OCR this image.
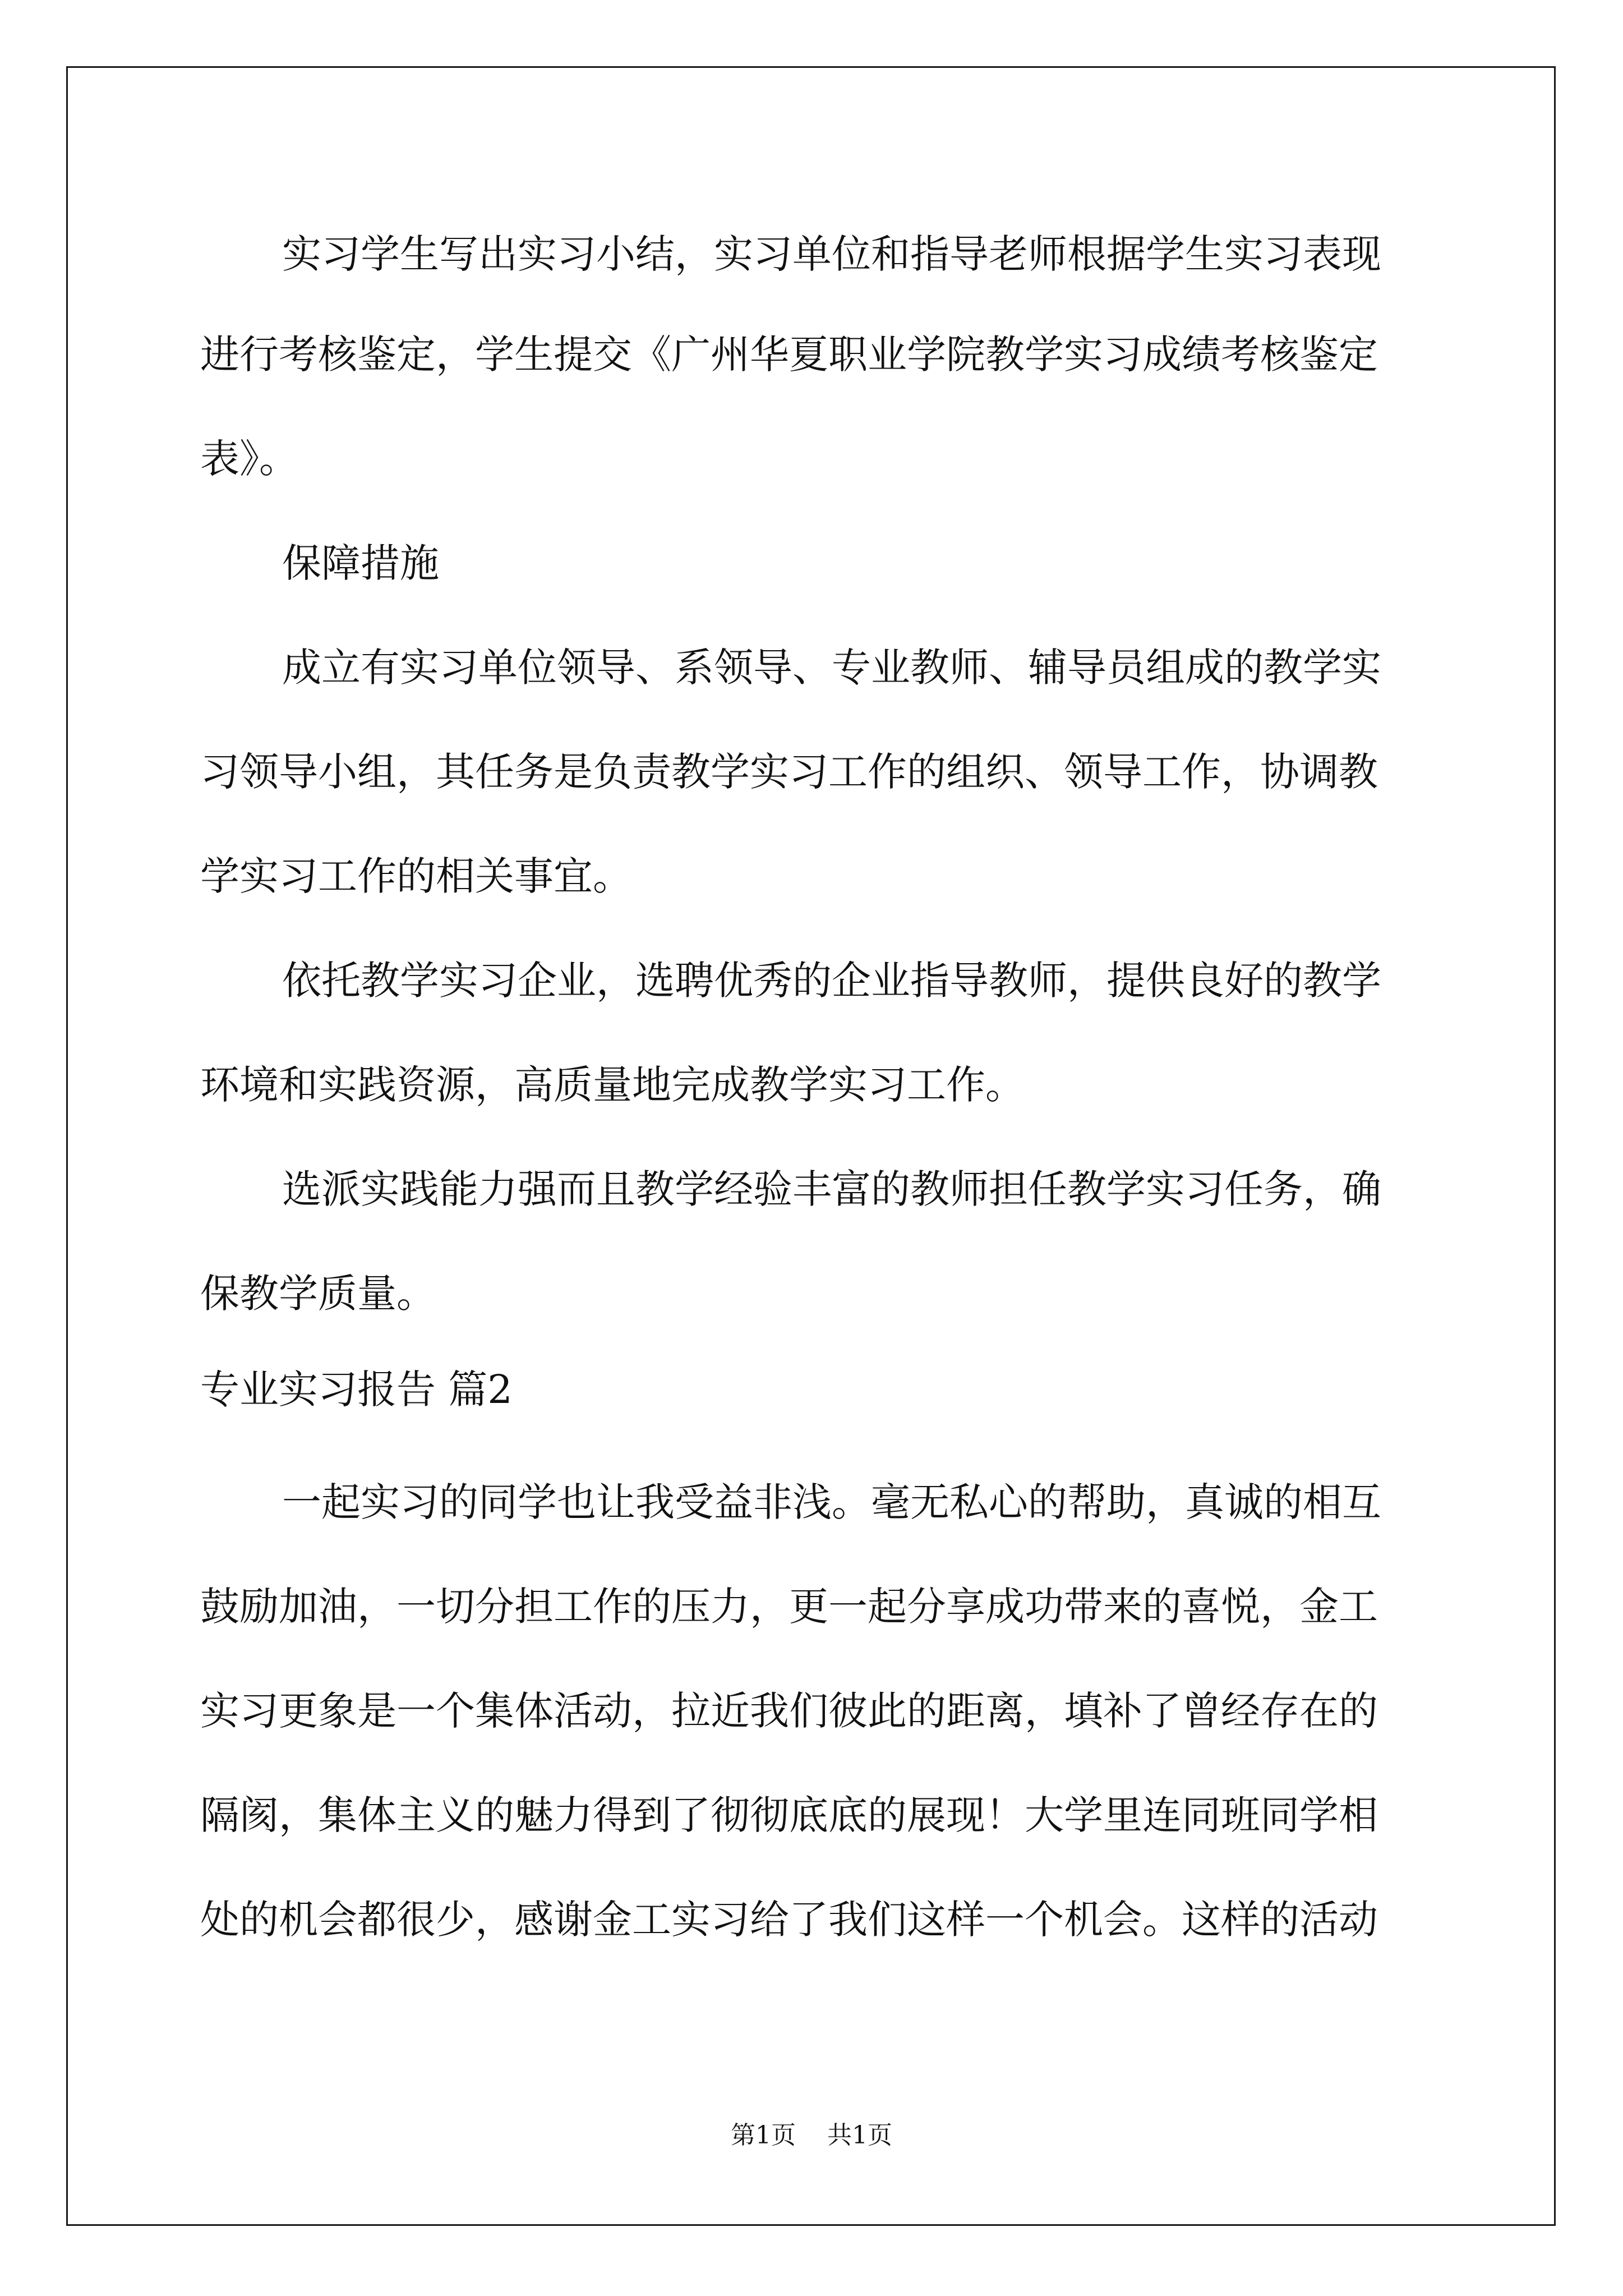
实习学生写出实习小结，实习单位和指导老师根据学生实习表现
进行考核鉴定，学生提交《广州华夏职业学院教学实习成绩考核鉴定
表》。
保障措施
成立有实习单位领导、系领导、专业教师、辅导员组成的教学实
习领导小组，其任务是负责教学实习工作的组织、领导工作，协调教
学实习工作的相关事宜。
依托教学实习企业，选聘优秀的企业指导教师，提供良好的教学
环境和实践资源，高质量地完成教学实习工作。
选派实践能力强而且教学经验丰富的教师担任教学实习任务，确
保教学质量。
专业实习报告 篇2
一起实习的同学也让我受益非浅。毫无私心的帮助，真诚的相互
鼓励加油，一切分担工作的压力，更一起分享成功带来的喜悦，金工
实习更象是一个集体活动，拉近我们彼此的距离，填补了曾经存在的
隔阂，集体主义的魅力得到了彻彻底底的展现！大学里连同班同学相
处的机会都很少，感谢金工实习给了我们这样一个机会。这样的活动
第1页 共1页
